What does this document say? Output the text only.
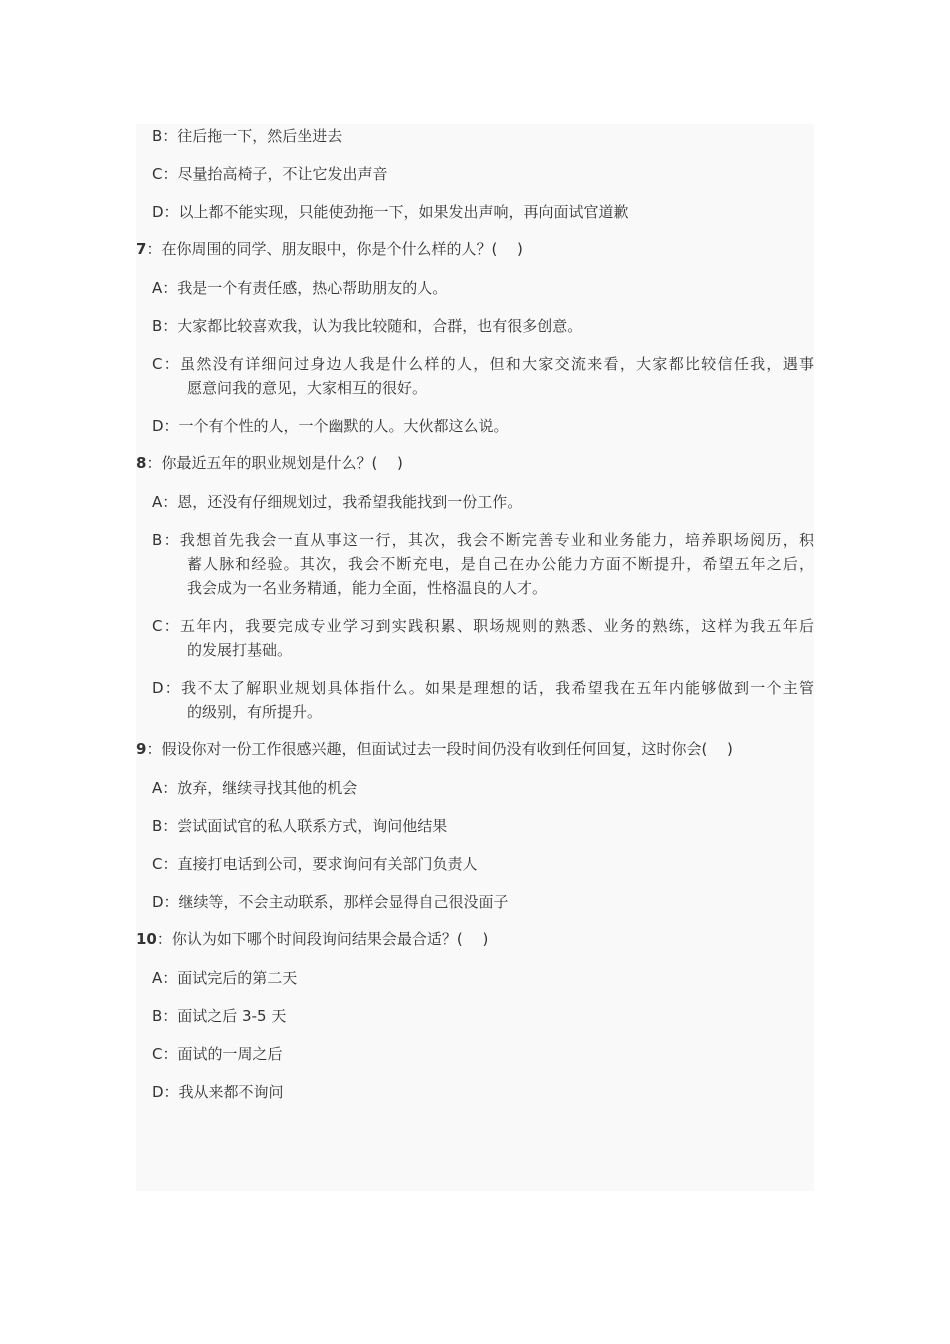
B：往后拖一下，然后坐进去
C：尽量抬高椅子，不让它发出声音
D：以上都不能实现，只能使劲拖一下，如果发出声响，再向面试官道歉
7：在你周围的同学、朋友眼中，你是个什么样的人？(　 )
A：我是一个有责任感，热心帮助朋友的人。
B：大家都比较喜欢我，认为我比较随和，合群，也有很多创意。
C：虽然没有详细问过身边人我是什么样的人，但和大家交流来看，大家都比较信任我，遇事
愿意问我的意见，大家相互的很好。
D：一个有个性的人，一个幽默的人。大伙都这么说。
8：你最近五年的职业规划是什么？(　 )
A：恩，还没有仔细规划过，我希望我能找到一份工作。
B：我想首先我会一直从事这一行，其次，我会不断完善专业和业务能力，培养职场阅历，积
蓄人脉和经验。其次，我会不断充电，是自己在办公能力方面不断提升，希望五年之后，
我会成为一名业务精通，能力全面，性格温良的人才。
C：五年内，我要完成专业学习到实践积累、职场规则的熟悉、业务的熟练，这样为我五年后
的发展打基础。
D：我不太了解职业规划具体指什么。如果是理想的话，我希望我在五年内能够做到一个主管
的级别，有所提升。
9：假设你对一份工作很感兴趣，但面试过去一段时间仍没有收到任何回复，这时你会(　 )
A：放弃，继续寻找其他的机会
B：尝试面试官的私人联系方式，询问他结果
C：直接打电话到公司，要求询问有关部门负责人
D：继续等，不会主动联系，那样会显得自己很没面子
10：你认为如下哪个时间段询问结果会最合适？(　 )
A：面试完后的第二天
B：面试之后 3-5 天
C：面试的一周之后
D：我从来都不询问
